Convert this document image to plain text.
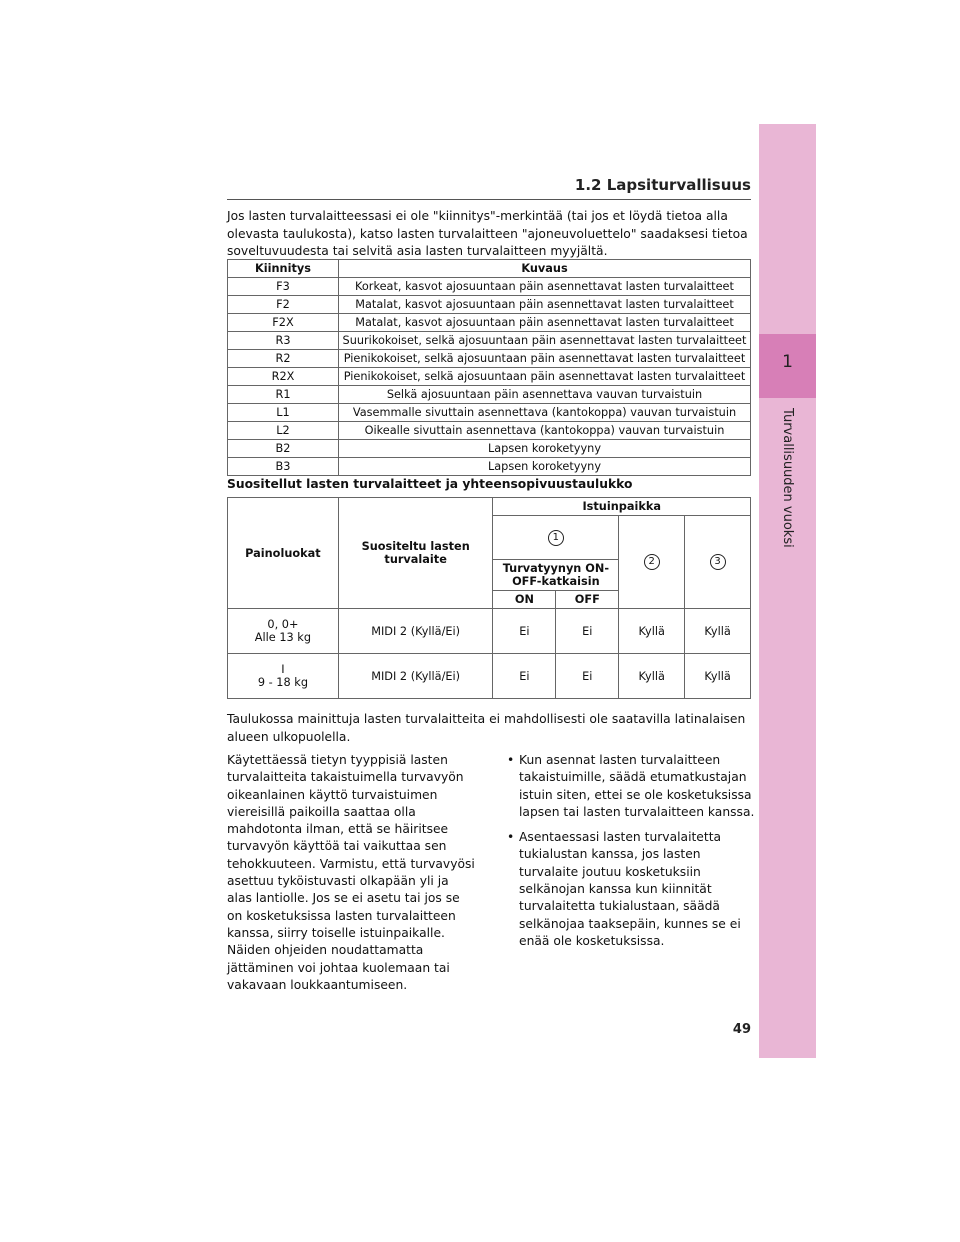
1.2 Lapsiturvallisuus
1
Turvallisuuden vuoksi

Jos lasten turvalaitteessasi ei ole "kiinnitys"-merkintää (tai jos et löydä tietoa alla olevasta taulukosta), katso lasten turvalaitteen "ajoneuvoluettelo" saadaksesi tietoa soveltuvuudesta tai selvitä asia lasten turvalaitteen myyjältä.

Kiinnitys	Kuvaus
F3	Korkeat, kasvot ajosuuntaan päin asennettavat lasten turvalaitteet
F2	Matalat, kasvot ajosuuntaan päin asennettavat lasten turvalaitteet
F2X	Matalat, kasvot ajosuuntaan päin asennettavat lasten turvalaitteet
R3	Suurikokoiset, selkä ajosuuntaan päin asennettavat lasten turvalaitteet
R2	Pienikokoiset, selkä ajosuuntaan päin asennettavat lasten turvalaitteet
R2X	Pienikokoiset, selkä ajosuuntaan päin asennettavat lasten turvalaitteet
R1	Selkä ajosuuntaan päin asennettava vauvan turvaistuin
L1	Vasemmalle sivuttain asennettava (kantokoppa) vauvan turvaistuin
L2	Oikealle sivuttain asennettava (kantokoppa) vauvan turvaistuin
B2	Lapsen koroketyyny
B3	Lapsen koroketyyny

Suositellut lasten turvalaitteet ja yhteensopivuustaulukko

Painoluokat	Suositeltu lasten turvalaite	Istuinpaikka			
		1		2	3
		Turvatyynyn ON-OFF-katkaisin			
		ON	OFF		

0, 0+
Alle 13 kg	MIDI 2 (Kyllä/Ei)	Ei	Ei	Kyllä	Kyllä

I
9 - 18 kg	MIDI 2 (Kyllä/Ei)	Ei	Ei	Kyllä	Kyllä

Taulukossa mainittuja lasten turvalaitteita ei mahdollisesti ole saatavilla latinalaisen alueen ulkopuolella.

Käytettäessä tietyn tyyppisiä lasten turvalaitteita takaistuimella turvavyön oikeanlainen käyttö turvaistuimen viereisillä paikoilla saattaa olla mahdotonta ilman, että se häiritsee turvavyön käyttöä tai vaikuttaa sen tehokkuuteen. Varmistu, että turvavyösi asettuu tyköistuvasti olkapään yli ja alas lantiolle. Jos se ei asetu tai jos se on kosketuksissa lasten turvalaitteen kanssa, siirry toiselle istuinpaikalle. Näiden ohjeiden noudattamatta jättäminen voi johtaa kuolemaan tai vakavaan loukkaantumiseen.

• Kun asennat lasten turvalaitteen takaistuimille, säädä etumatkustajan istuin siten, ettei se ole kosketuksissa lapsen tai lasten turvalaitteen kanssa.
• Asentaessasi lasten turvalaitetta tukialustan kanssa, jos lasten turvalaite joutuu kosketuksiin selkänojan kanssa kun kiinnität turvalaitetta tukialustaan, säädä selkänojaa taaksepäin, kunnes se ei enää ole kosketuksissa.
49
